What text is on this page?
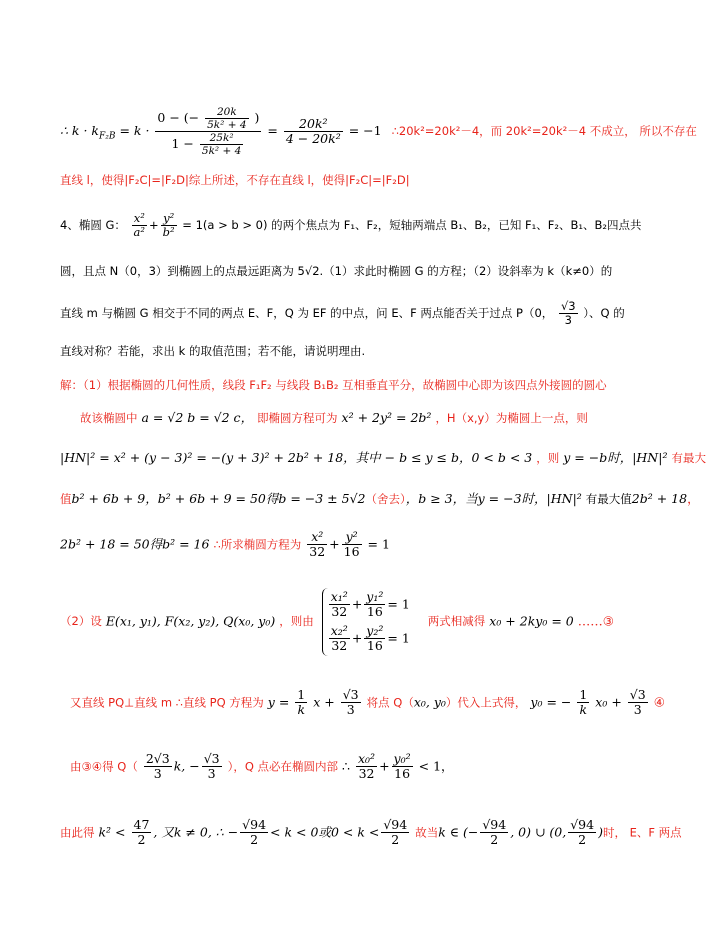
∴ $k \cdot k_{F_2B} = k \cdot \frac{0 - (- \frac{20k}{\text{5k² + 4}} )}{1 - \frac{\text{25k²}}{\text{5k² + 4}}} = \frac{\text{20k²}}{\text{4 − 20k²}} = -1$ ∴20k²=20k²－4，而 20k²=20k²－4 不成立， 所以不存在
直线 l，使得|F₂C|=|F₂D|综上所述，不存在直线 l，使得|F₂C|=|F₂D|
4、椭圆 G： $\frac{\text{x²}}{\text{a²}} + \frac{\text{y²}}{\text{b²}} = 1(a > b > 0)$ 的两个焦点为 F₁、F₂，短轴两端点 B₁、B₂，已知 F₁、F₂、B₁、B₂四点共
圆，且点 N（0，3）到椭圆上的点最远距离为 5√2.（1）求此时椭圆 G 的方程；（2）设斜率为 k（k≠0）的
直线 m 与椭圆 G 相交于不同的两点 E、F，Q 为 EF 的中点，问 E、F 两点能否关于过点 P（0， $\frac{√3}{3}$ ）、Q 的
直线对称？若能，求出 k 的取值范围；若不能，请说明理由.
解：（1）根据椭圆的几何性质，线段 F₁F₂ 与线段 B₁B₂ 互相垂直平分，故椭圆中心即为该四点外接圆的圆心
故该椭圆中 a = √2 b = √2 c， 即椭圆方程可为 x² + 2y² = 2b² ，H（x,y）为椭圆上一点，则
|HN|² = x² + (y − 3)² = −(y + 3)² + 2b² + 18，其中 − b ≤ y ≤ b，0 < b < 3 ，则 y = −b时，|HN|² 有最大
值b² + 6b + 9，b² + 6b + 9 = 50得b = −3 ± 5√2（舍去），b ≥ 3，当y = −3时，|HN|² 有最大值2b² + 18，
2b² + 18 = 50得b² = 16 ∴所求椭圆方程为 $\frac{\text{x²}}{32} + \frac{\text{y²}}{16} = 1$
（2）设 E(x₁, y₁), F(x₂, y₂), Q(x₀, y₀) ，则由
$\frac{\text{x₁²}}{32} + \frac{\text{y₁²}}{16} = 1$
$\frac{\text{x₂²}}{32} + \frac{\text{y₂²}}{16} = 1$
两式相减得 x₀ + 2ky₀ = 0 ……③
又直线 PQ⊥直线 m ∴直线 PQ 方程为 $y = \frac{1}{k}$ $x + \frac{√3}{3}$ 将点 Q（x₀, y₀）代入上式得， y₀ = − $\frac{1}{k} x_0 + \frac{√3}{3}$ ④
由③④得 $Q( \frac{2√3}{3} k$, − $\frac{√3}{3}$ ），Q 点必在椭圆内部 ∴ $\frac{\text{x₀²}}{32} + \frac{\text{y₀²}}{16} < 1$，
由此得 $k^2 < \frac{47}{2}$ , 又k ≠ 0, ∴ − $\frac{√94}{2} < k < 0$或$0 < k < \frac{√94}{2}$ 故当k ∈ (− $\frac{√94}{2}$ , 0) ∪ (0, $\frac{√94}{2}$ )时， E、F 两点
